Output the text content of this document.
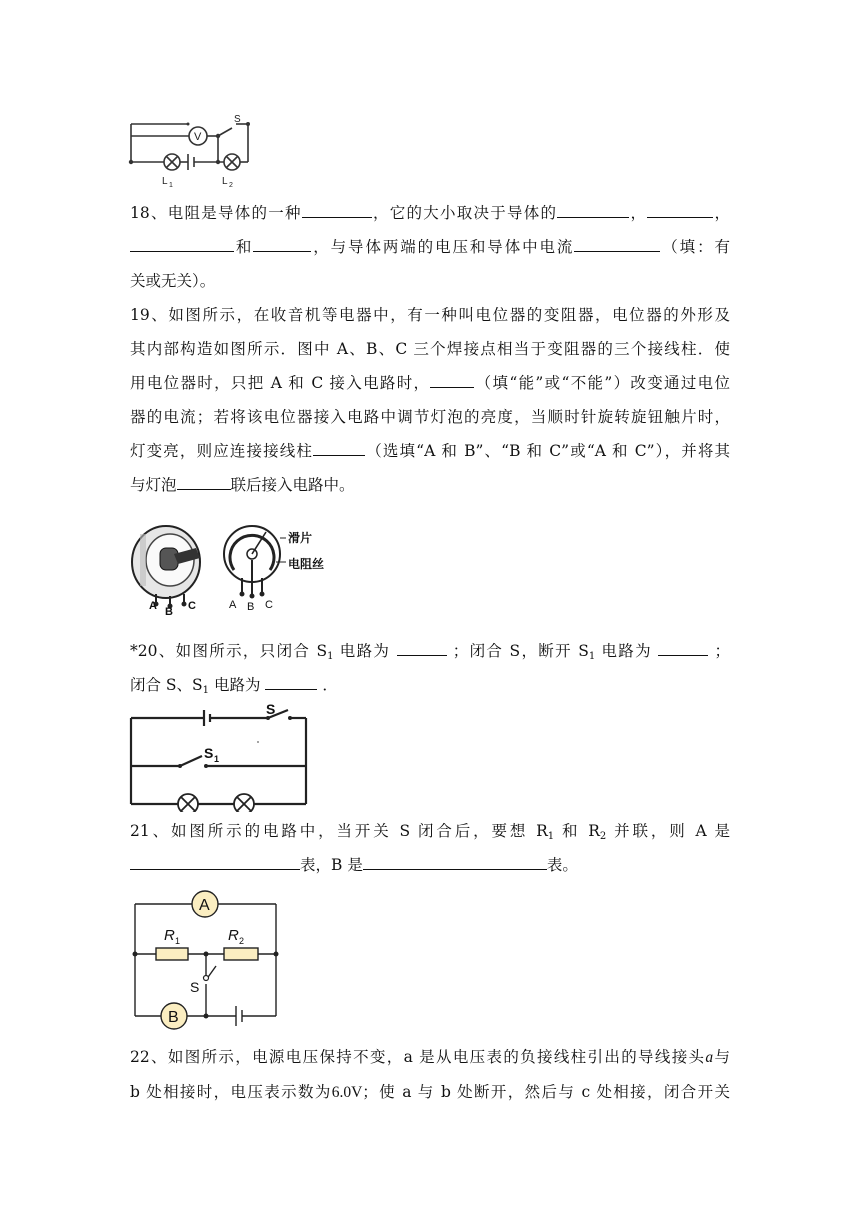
V
S
L 1	L 2
18、电阻是导体的一种	，它的大小取决于导体的	，	，
和	，与导体两端的电压和导体中电流	（填：有
关或无关）。
19、如图所示，在收音机等电器中，有一种叫电位器的变阻器，电位器的外形及
其内部构造如图所示．图中 A、B、C 三个焊接点相当于变阻器的三个接线柱．使
用电位器时，只把 A 和 C 接入电路时，	（填“能”或“不能”）改变通过电位
器的电流；若将该电位器接入电路中调节灯泡的亮度，当顺时针旋转旋钮触片时，
灯变亮，则应连接接线柱	（选填“A 和 B”、“B 和 C”或“A 和 C”），并将其
与灯泡	联后接入电路中。
A B C
滑片
电阻丝
A B C
*20、如图所示，只闭合 $S_1$ 电路为	；闭合 S，断开 $S_1$ 电路为	；
闭合 S、$S_1$ 电路为	．
S
S 1
21、如图所示的电路中，当开关 S 闭合后，要想 $R_1$ 和 $R_2$ 并联，则 A 是
表，B 是	表。
A
B
R 1	R 2
S
22、如图所示，电源电压保持不变，a 是从电压表的负接线柱引出的导线接头a与
b 处相接时，电压表示数为6.0V；使 a 与 b 处断开，然后与 c 处相接，闭合开关
